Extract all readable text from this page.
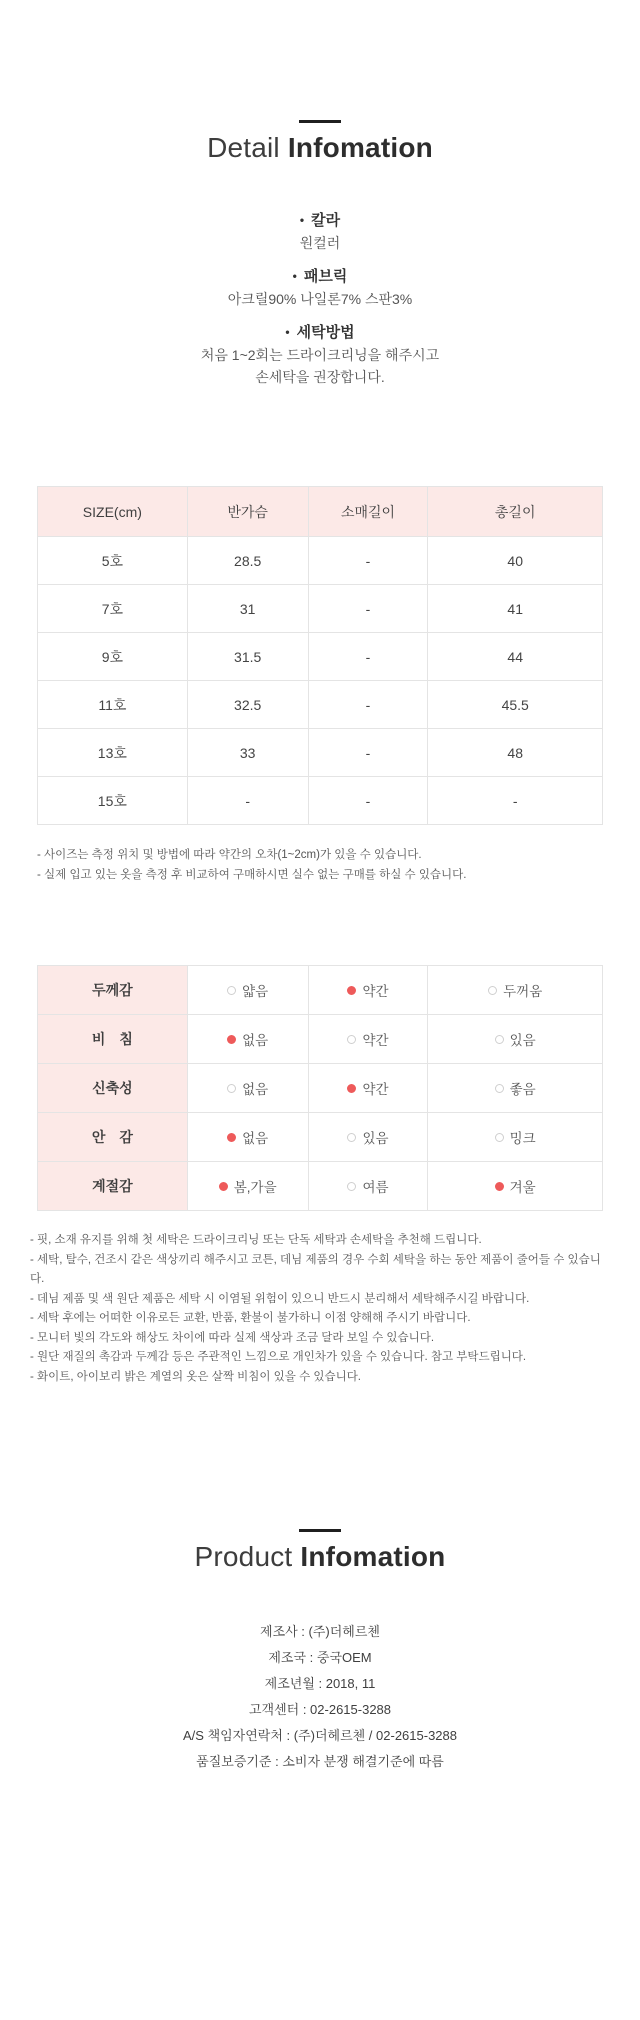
Detail Infomation
• 칼라
원컬러
• 패브릭
아크릴90% 나일론7% 스판3%
• 세탁방법
처음 1~2회는 드라이크리닝을 해주시고
손세탁을 권장합니다.
SIZE(cm)	반가슴	소매길이	총길이
5호	28.5	-	40
7호	31	-	41
9호	31.5	-	44
11호	32.5	-	45.5
13호	33	-	48
15호	-	-	-

- 사이즈는 측정 위치 및 방법에 따라 약간의 오차(1~2cm)가 있을 수 있습니다.

- 실제 입고 있는 옷을 측정 후 비교하여 구매하시면 실수 없는 구매를 하실 수 있습니다.

두께감	얇음	약간	두꺼움

비　침	없음	약간	있음

신축성	없음	약간	좋음

안　감	없음	있음	밍크

계절감	봄,가을	여름	겨울

- 핏, 소재 유지를 위해 첫 세탁은 드라이크리닝 또는 단독 세탁과 손세탁을 추천해 드립니다.

- 세탁, 탈수, 건조시 같은 색상끼리 해주시고 코튼, 데님 제품의 경우 수회 세탁을 하는 동안 제품이 줄어들 수 있습니다.

- 데님 제품 및 색 원단 제품은 세탁 시 이염될 위험이 있으니 반드시 분리해서 세탁해주시길 바랍니다.

- 세탁 후에는 어떠한 이유로든 교환, 반품, 환불이 불가하니 이점 양해해 주시기 바랍니다.

- 모니터 빛의 각도와 해상도 차이에 따라 실제 색상과 조금 달라 보일 수 있습니다.

- 원단 재질의 촉감과 두께감 등은 주관적인 느낌으로 개인차가 있을 수 있습니다. 참고 부탁드립니다.

- 화이트, 아이보리 밝은 계열의 옷은 살짝 비침이 있을 수 있습니다.

Product Infomation

제조사 : (주)더헤르첸

제조국 : 중국OEM

제조년월 : 2018, 11

고객센터 : 02-2615-3288

A/S 책임자연락처 : (주)더헤르첸 / 02-2615-3288

품질보증기준 : 소비자 분쟁 해결기준에 따름
